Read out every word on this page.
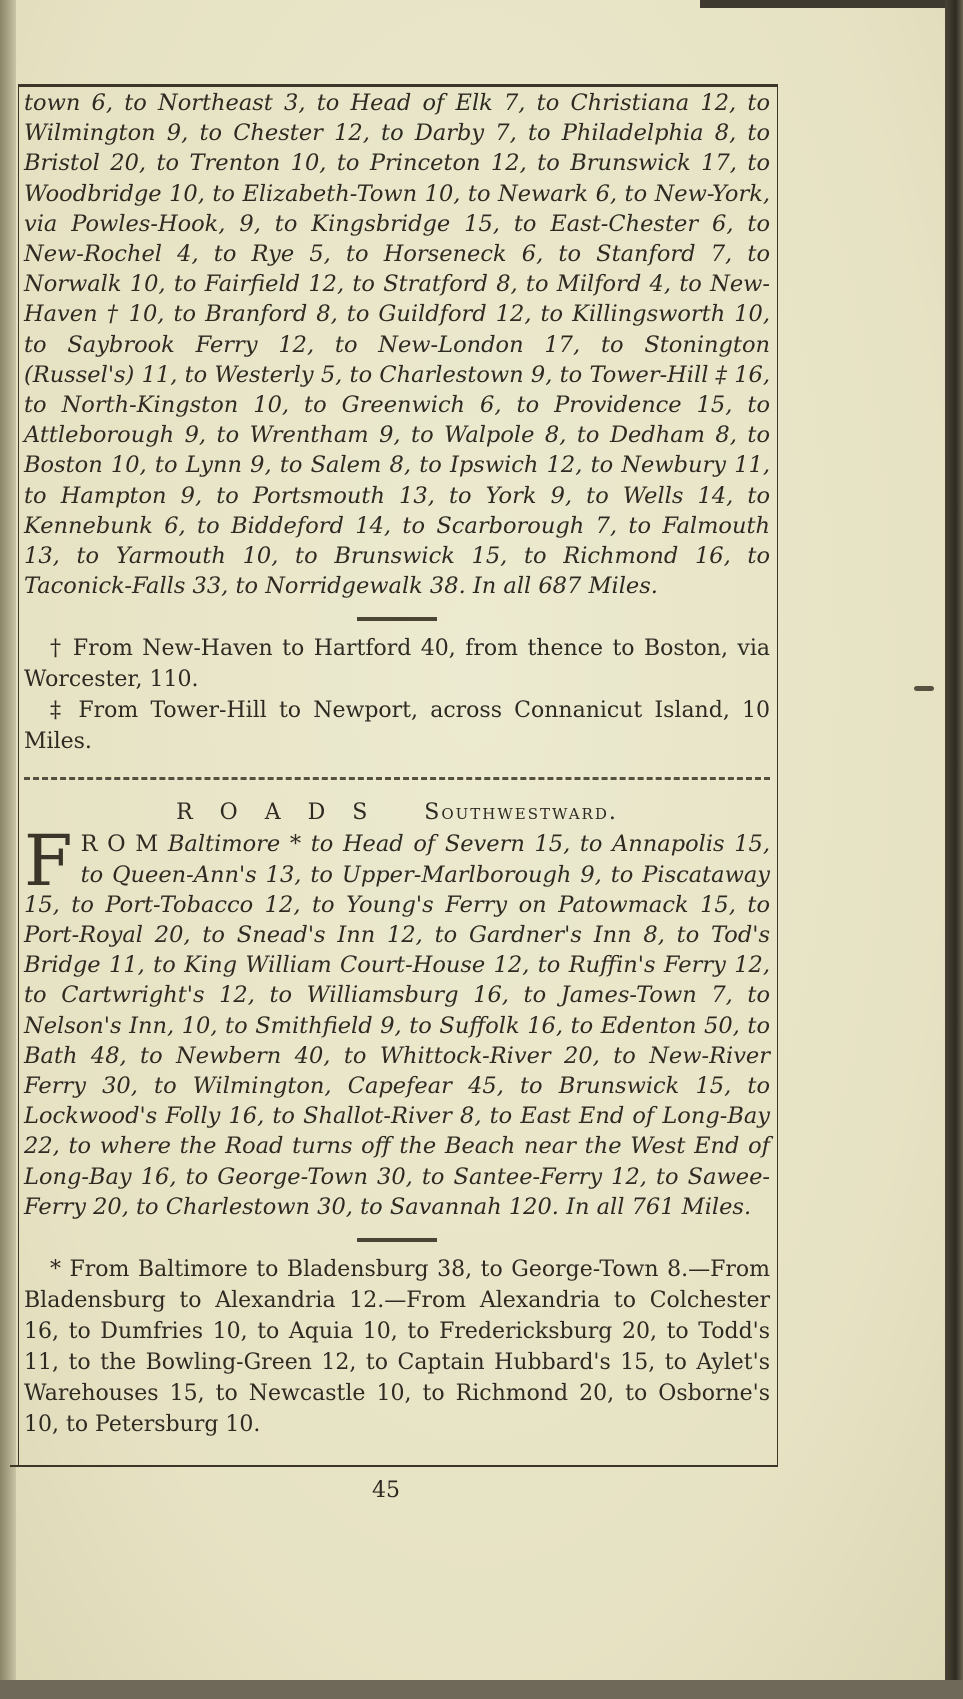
town 6, to Northeast 3, to Head of Elk 7, to Christiana 12, to Wilmington 9, to Chester 12, to Darby 7, to Philadelphia 8, to Bristol 20, to Trenton 10, to Princeton 12, to Brunswick 17, to Woodbridge 10, to Elizabeth-Town 10, to Newark 6, to New-York, via Powles-Hook, 9, to Kingsbridge 15, to East-Chester 6, to New-Rochel 4, to Rye 5, to Horseneck 6, to Stanford 7, to Norwalk 10, to Fairfield 12, to Stratford 8, to Milford 4, to New-Haven † 10, to Branford 8, to Guildford 12, to Killingsworth 10, to Saybrook Ferry 12, to New-London 17, to Stonington (Russel's) 11, to Westerly 5, to Charlestown 9, to Tower-Hill ‡ 16, to North-Kingston 10, to Greenwich 6, to Providence 15, to Attleborough 9, to Wrentham 9, to Walpole 8, to Dedham 8, to Boston 10, to Lynn 9, to Salem 8, to Ipswich 12, to Newbury 11, to Hampton 9, to Portsmouth 13, to York 9, to Wells 14, to Kennebunk 6, to Biddeford 14, to Scarborough 7, to Falmouth 13, to Yarmouth 10, to Brunswick 15, to Richmond 16, to Taconick-Falls 33, to Norridgewalk 38. In all 687 Miles.

† From New-Haven to Hartford 40, from thence to Boston, via Worcester, 110.

‡ From Tower-Hill to Newport, across Connanicut Island, 10 Miles.

R O A D S Southwestward.

F R O M Baltimore * to Head of Severn 15, to Annapolis 15, to Queen-Ann's 13, to Upper-Marlborough 9, to Piscataway 15, to Port-Tobacco 12, to Young's Ferry on Patowmack 15, to Port-Royal 20, to Snead's Inn 12, to Gardner's Inn 8, to Tod's Bridge 11, to King William Court-House 12, to Ruffin's Ferry 12, to Cartwright's 12, to Williamsburg 16, to James-Town 7, to Nelson's Inn, 10, to Smithfield 9, to Suffolk 16, to Edenton 50, to Bath 48, to Newbern 40, to Whittock-River 20, to New-River Ferry 30, to Wilmington, Capefear 45, to Brunswick 15, to Lockwood's Folly 16, to Shallot-River 8, to East End of Long-Bay 22, to where the Road turns off the Beach near the West End of Long-Bay 16, to George-Town 30, to Santee-Ferry 12, to Sawee-Ferry 20, to Charlestown 30, to Savannah 120. In all 761 Miles.

* From Baltimore to Bladensburg 38, to George-Town 8.—From Bladensburg to Alexandria 12.—From Alexandria to Colchester 16, to Dumfries 10, to Aquia 10, to Fredericksburg 20, to Todd's 11, to the Bowling-Green 12, to Captain Hubbard's 15, to Aylet's Warehouses 15, to Newcastle 10, to Richmond 20, to Osborne's 10, to Petersburg 10.

45
